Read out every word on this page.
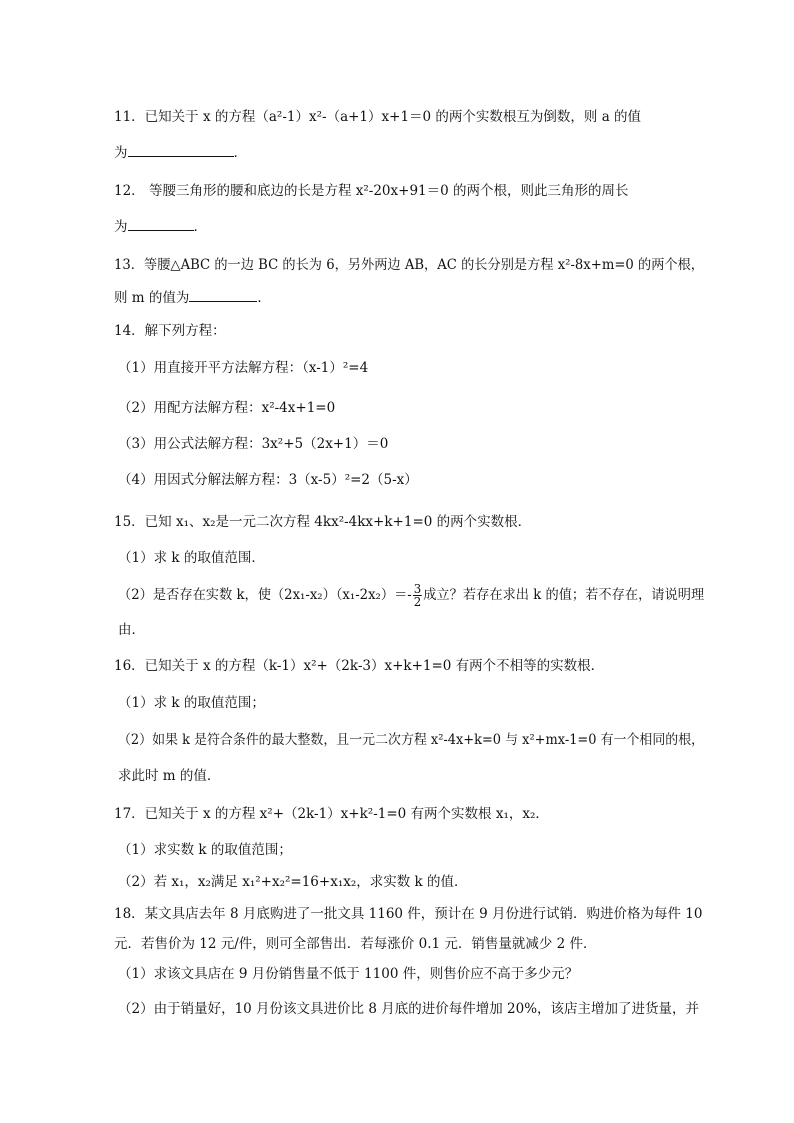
11．已知关于 x 的方程（a²-1）x²-（a+1）x+1＝0 的两个实数根互为倒数，则 a 的值
为	．
12． 等腰三角形的腰和底边的长是方程 x²-20x+91＝0 的两个根，则此三角形的周长
为	．
13．等腰△ABC 的一边 BC 的长为 6，另外两边 AB，AC 的长分别是方程 x²-8x+m=0 的两个根，
则 m 的值为	．
14．解下列方程：
（1）用直接开平方法解方程：（x-1）²=4
（2）用配方法解方程：x²-4x+1=0
（3）用公式法解方程：3x²+5（2x+1）＝0
（4）用因式分解法解方程：3（x-5）²=2（5-x）
15．已知 x₁、x₂是一元二次方程 4kx²-4kx+k+1=0 的两个实数根．
（1）求 k 的取值范围．
（2）是否存在实数 k，使$(2x_1-x_2)(x_1-2x_2)=- \frac{3}{2}$ 成立？若存在求出 k 的值；若不存在，请说明理
由．
16．已知关于 x 的方程（k-1）x²+（2k-3）x+k+1=0 有两个不相等的实数根．
（1）求 k 的取值范围；
（2）如果 k 是符合条件的最大整数，且一元二次方程 x²-4x+k=0 与 x²+mx-1=0 有一个相同的根，
求此时 m 的值．
17．已知关于 x 的方程 x²+（2k-1）x+k²-1=0 有两个实数根 x₁，x₂．
（1）求实数 k 的取值范围；
（2）若 x₁，x₂满足 x₁²+x₂²=16+x₁x₂，求实数 k 的值．
18．某文具店去年 8 月底购进了一批文具 1160 件，预计在 9 月份进行试销．购进价格为每件 10
元．若售价为 12 元/件，则可全部售出．若每涨价 0.1 元．销售量就减少 2 件．
（1）求该文具店在 9 月份销售量不低于 1100 件，则售价应不高于多少元？
（2）由于销量好，10 月份该文具进价比 8 月底的进价每件增加 20%，该店主增加了进货量，并
